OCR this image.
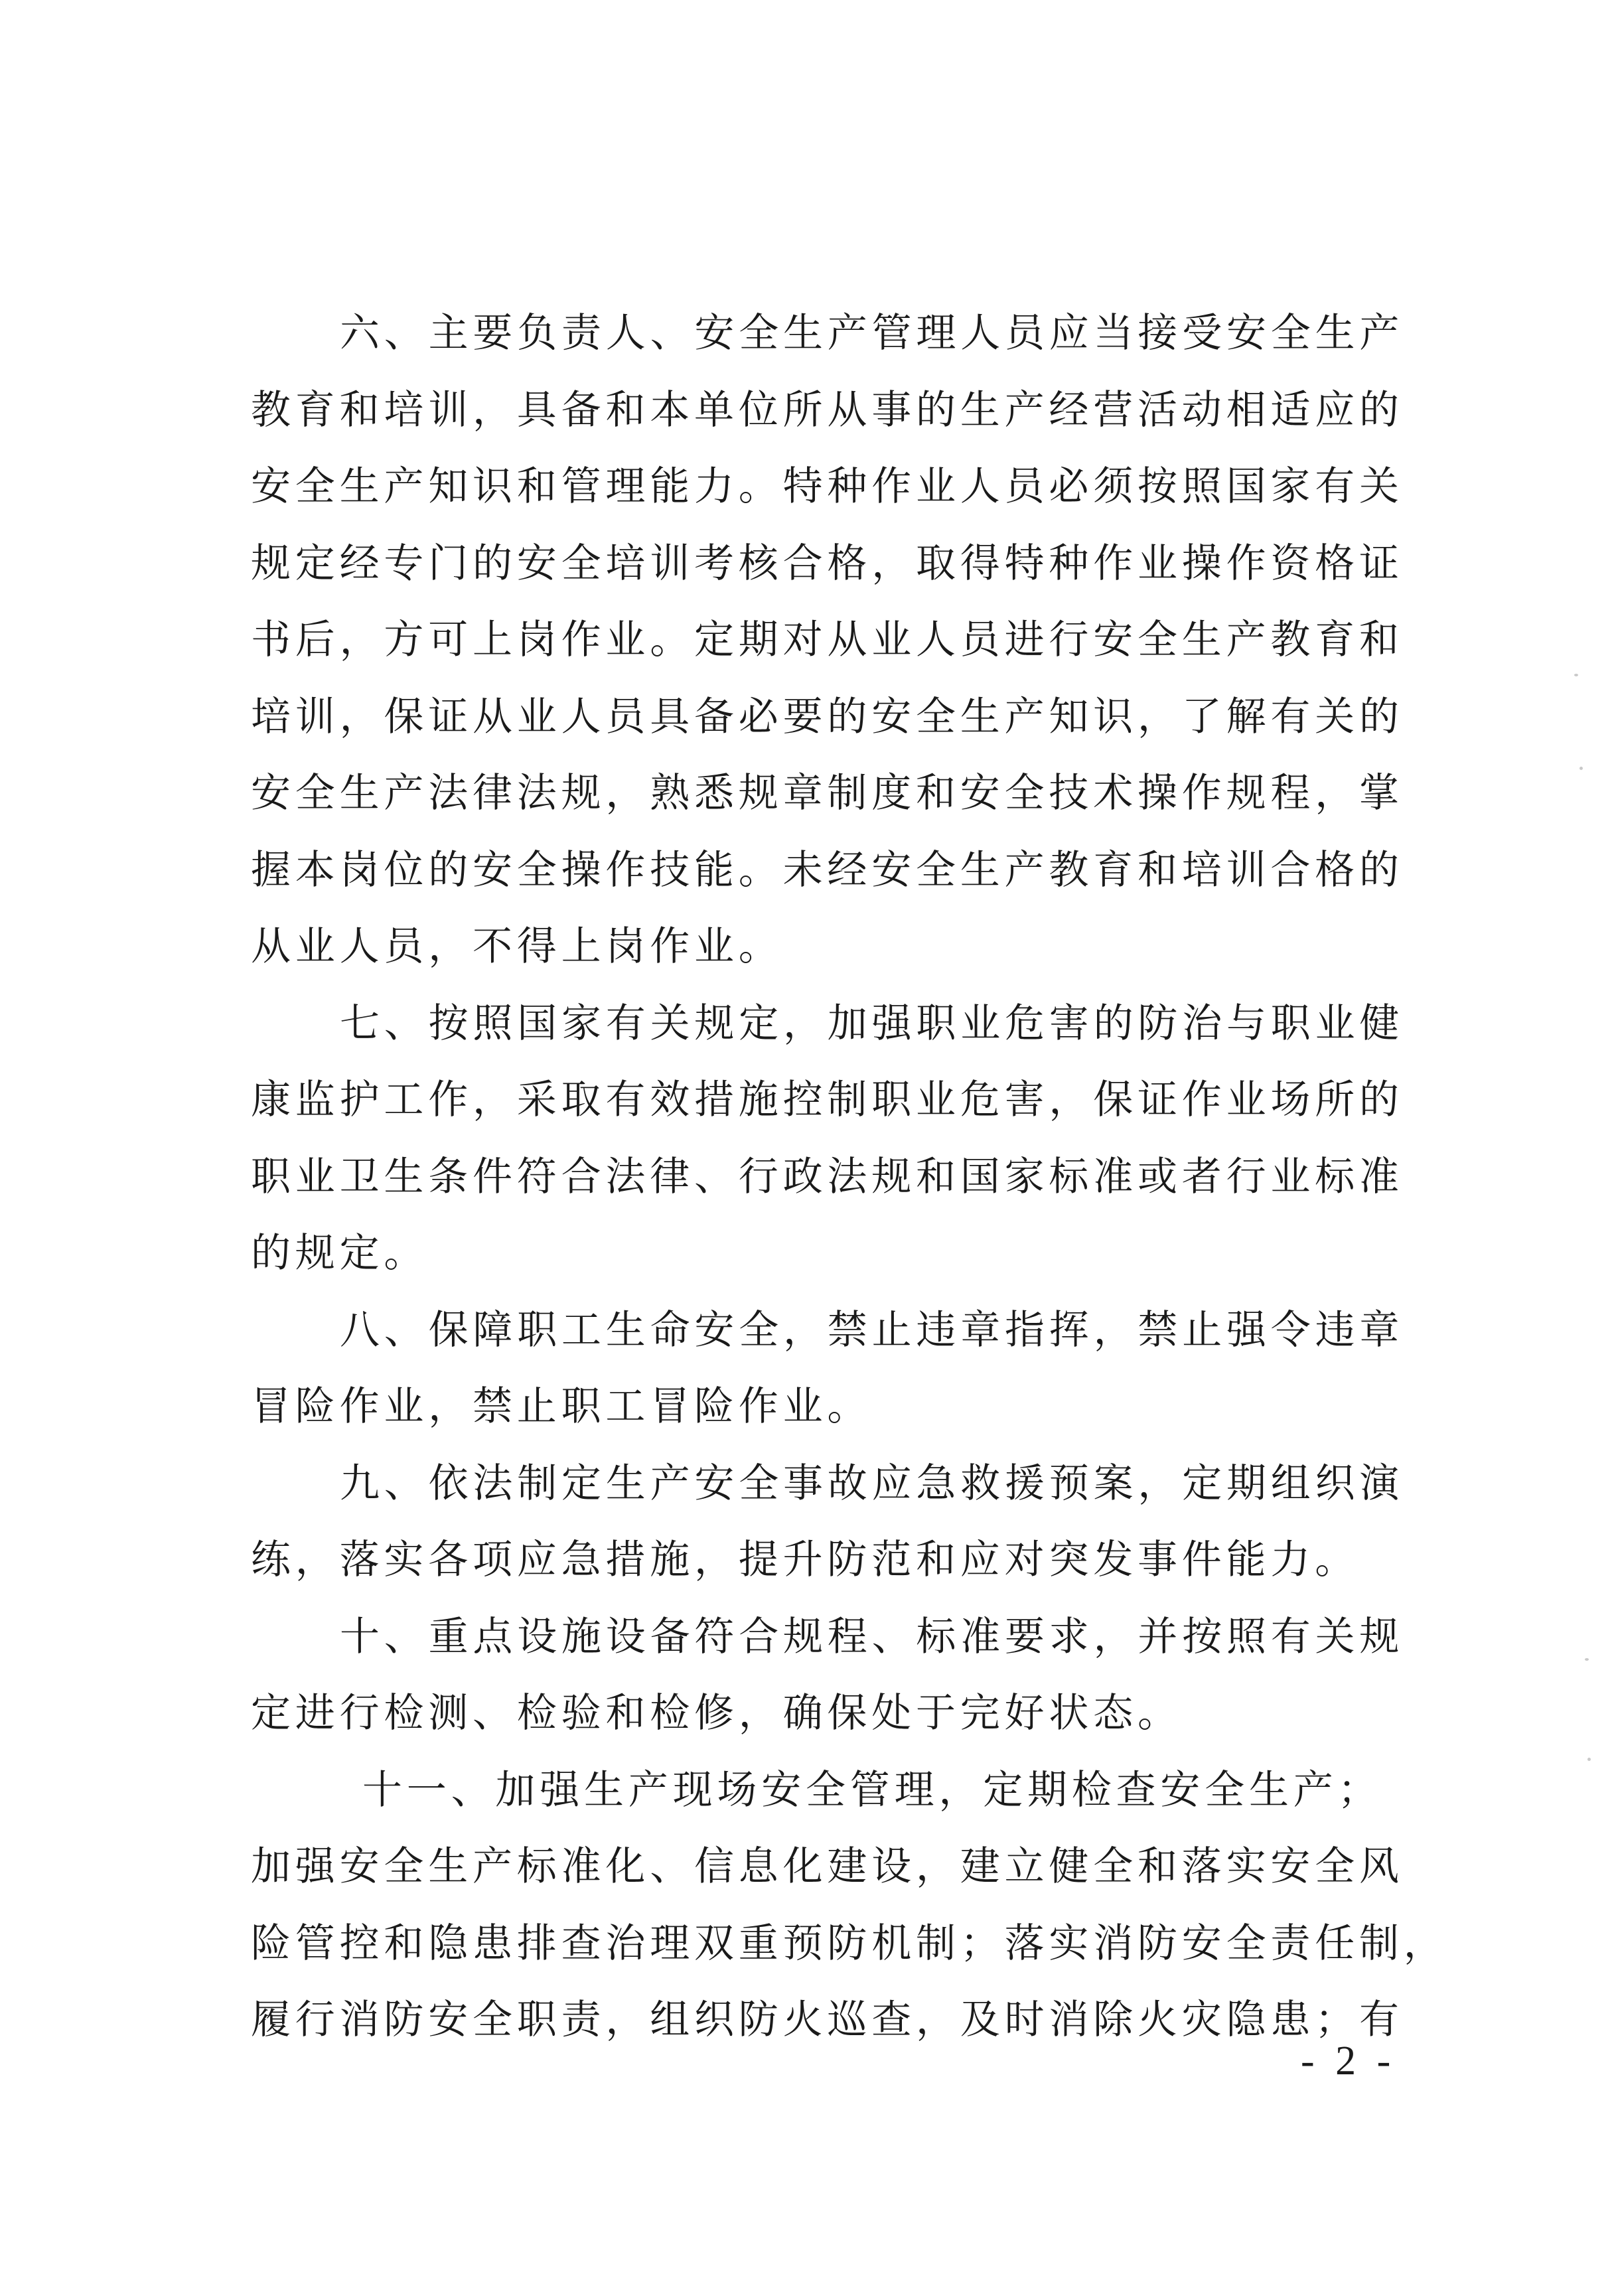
六、主要负责人、安全生产管理人员应当接受安全生产
教育和培训，具备和本单位所从事的生产经营活动相适应的
安全生产知识和管理能力。特种作业人员必须按照国家有关
规定经专门的安全培训考核合格，取得特种作业操作资格证
书后，方可上岗作业。定期对从业人员进行安全生产教育和
培训，保证从业人员具备必要的安全生产知识，了解有关的
安全生产法律法规，熟悉规章制度和安全技术操作规程，掌
握本岗位的安全操作技能。未经安全生产教育和培训合格的
从业人员，不得上岗作业。
七、按照国家有关规定，加强职业危害的防治与职业健
康监护工作，采取有效措施控制职业危害，保证作业场所的
职业卫生条件符合法律、行政法规和国家标准或者行业标准
的规定。
八、保障职工生命安全，禁止违章指挥，禁止强令违章
冒险作业，禁止职工冒险作业。
九、依法制定生产安全事故应急救援预案，定期组织演
练，落实各项应急措施，提升防范和应对突发事件能力。
十、重点设施设备符合规程、标准要求，并按照有关规
定进行检测、检验和检修，确保处于完好状态。
十一、加强生产现场安全管理，定期检查安全生产；
加强安全生产标准化、信息化建设，建立健全和落实安全风
险管控和隐患排查治理双重预防机制；落实消防安全责任制，
履行消防安全职责，组织防火巡查，及时消除火灾隐患；有
- 2 -
